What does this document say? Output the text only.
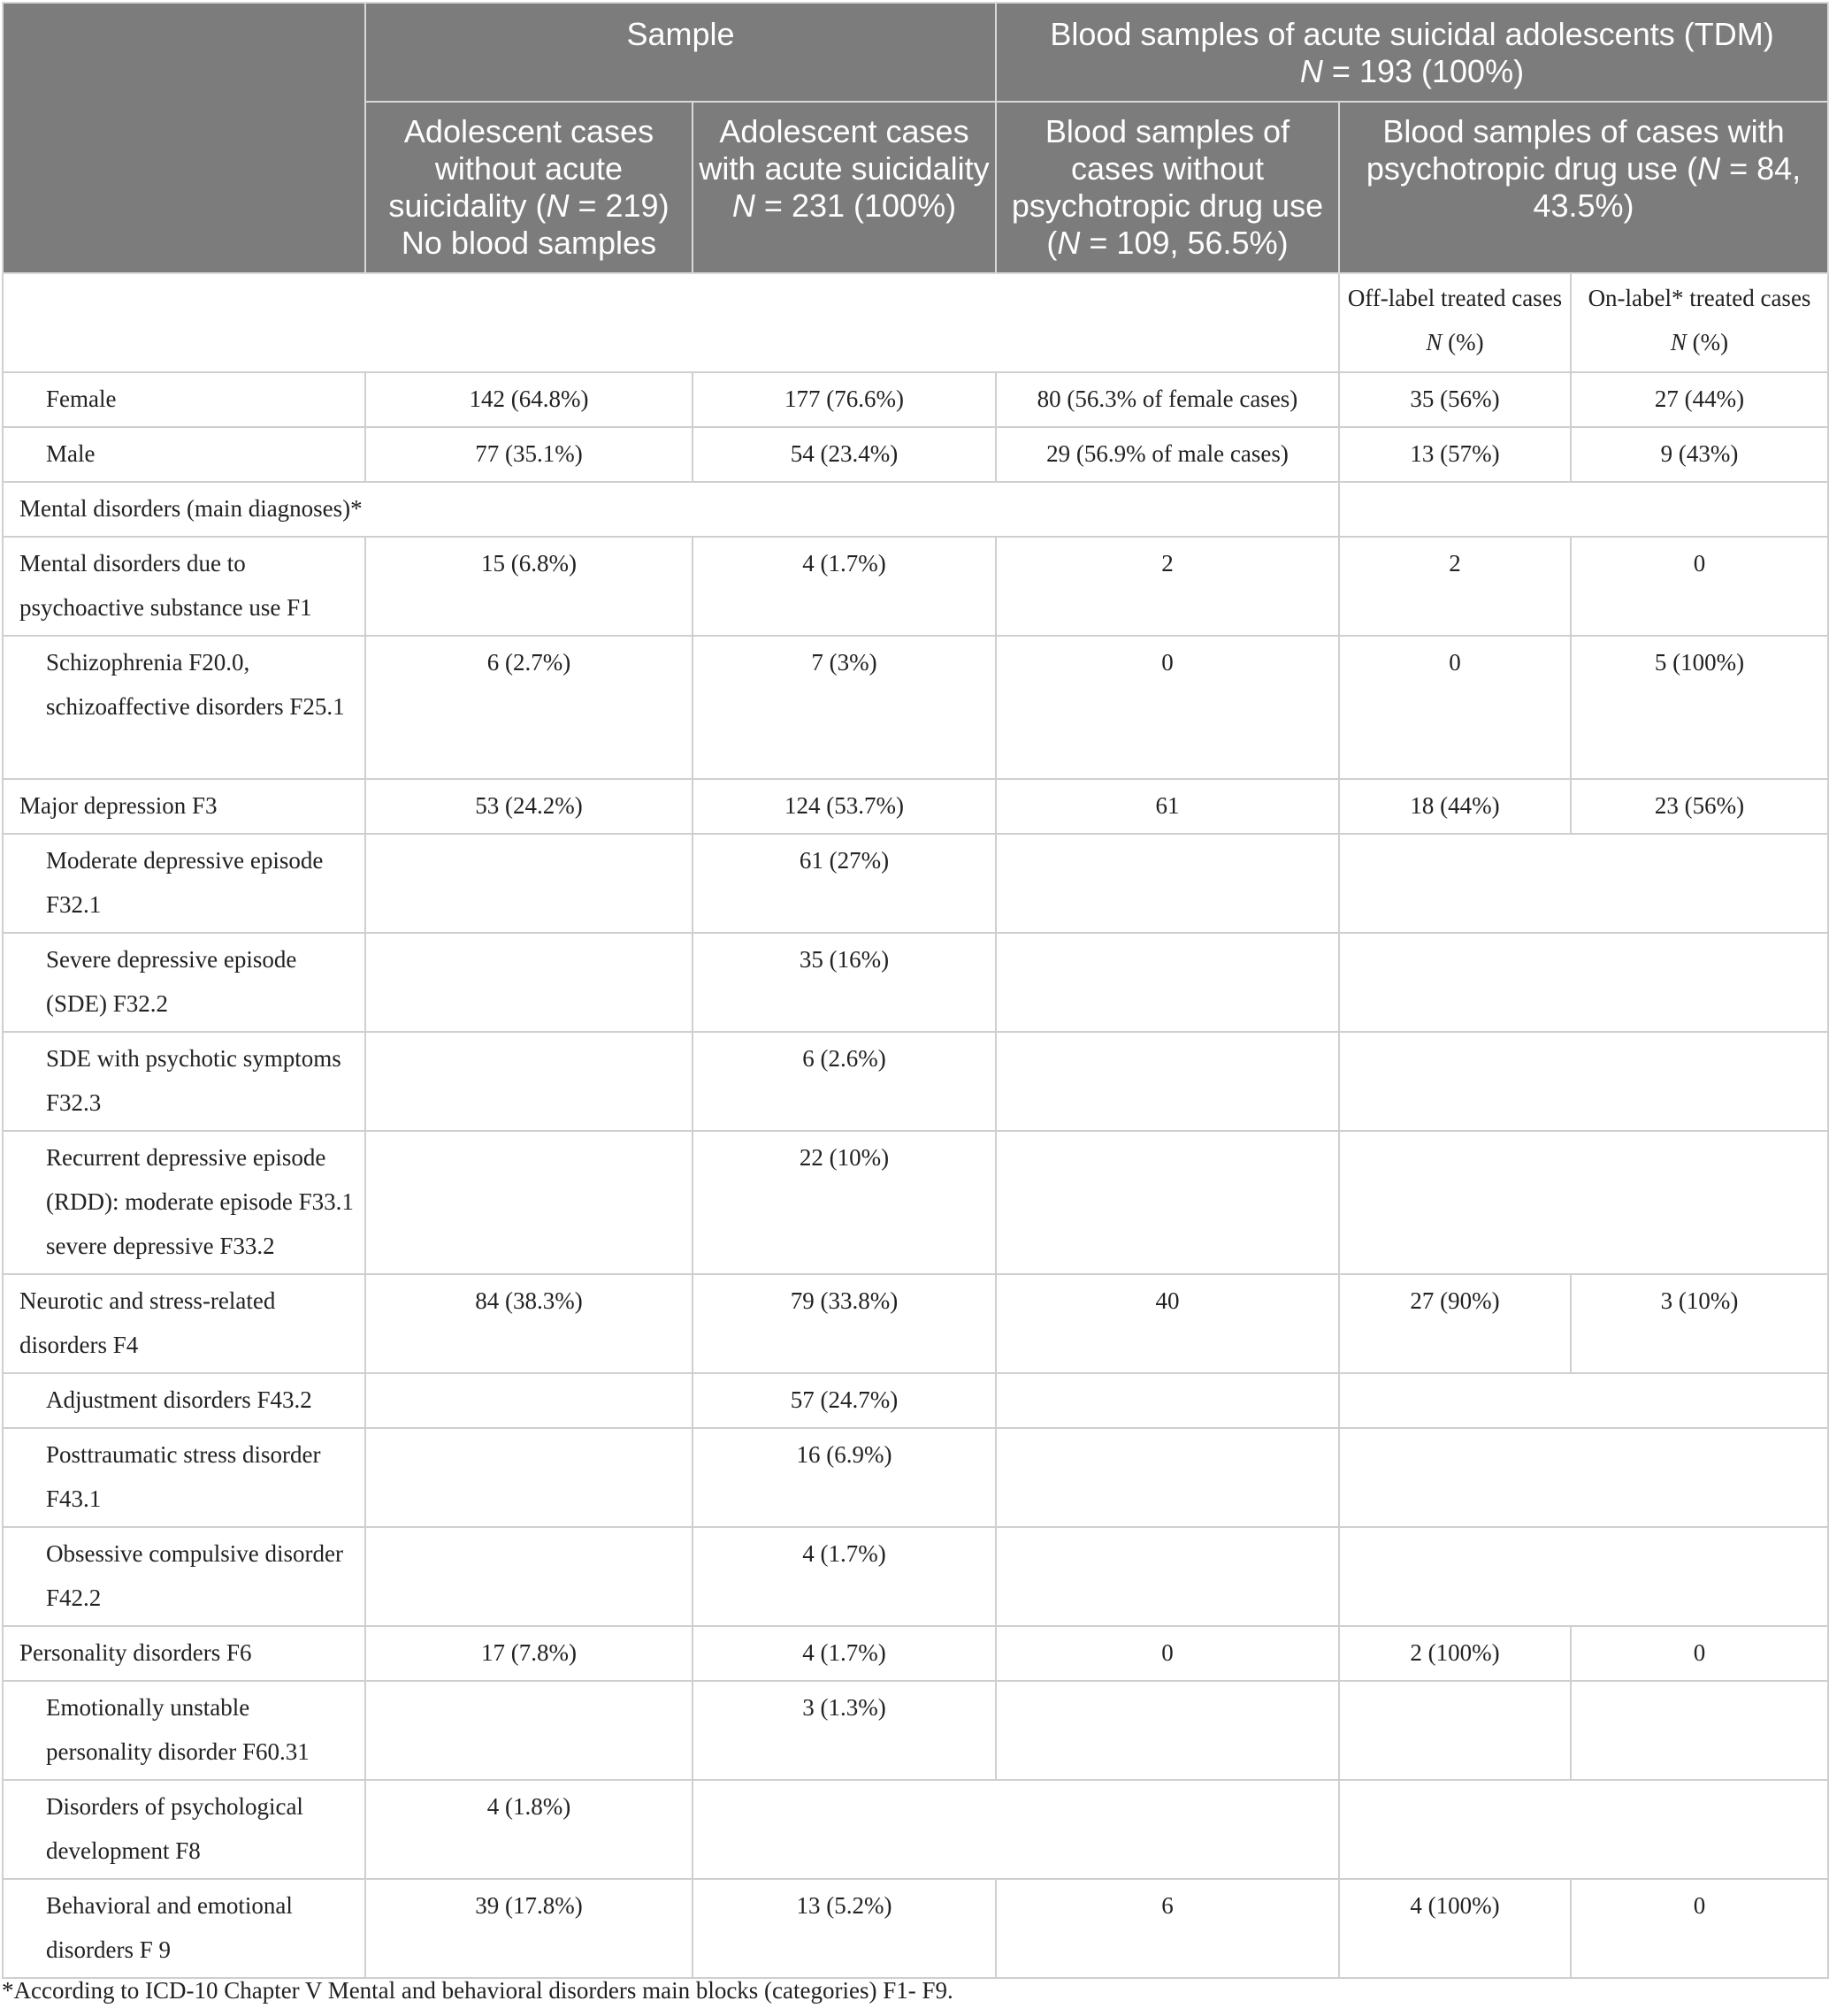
	Sample		Blood samples of acute suicidal adolescents (TDM)
N = 193 (100%)		
	Adolescent cases without acute suicidality (N = 219) No blood samples	Adolescent cases with acute suicidality N = 231 (100%)	Blood samples of cases without psychotropic drug use (N = 109, 56.5%)	Blood samples of cases with psychotropic drug use (N = 84, 43.5%)	
				Off-label treated cases N (%)	On-label* treated cases N (%)
Female	142 (64.8%)	177 (76.6%)	80 (56.3% of female cases)	35 (56%)	27 (44%)
Male	77 (35.1%)	54 (23.4%)	29 (56.9% of male cases)	13 (57%)	9 (43%)
Mental disorders (main diagnoses)*					
Mental disorders due to psychoactive substance use F1	15 (6.8%)	4 (1.7%)	2	2	0
Schizophrenia F20.0, schizoaffective disorders F25.1	6 (2.7%)	7 (3%)	0	0	5 (100%)
Major depression F3	53 (24.2%)	124 (53.7%)	61	18 (44%)	23 (56%)
Moderate depressive episode F32.1		61 (27%)			
Severe depressive episode (SDE) F32.2		35 (16%)			
SDE with psychotic symptoms F32.3		6 (2.6%)			
Recurrent depressive episode (RDD): moderate episode F33.1 severe depressive F33.2		22 (10%)			
Neurotic and stress-related disorders F4	84 (38.3%)	79 (33.8%)	40	27 (90%)	3 (10%)
Adjustment disorders F43.2		57 (24.7%)			
Posttraumatic stress disorder F43.1		16 (6.9%)			
Obsessive compulsive disorder F42.2		4 (1.7%)			
Personality disorders F6	17 (7.8%)	4 (1.7%)	0	2 (100%)	0
Emotionally unstable personality disorder F60.31		3 (1.3%)			
Disorders of psychological development F8	4 (1.8%)				
Behavioral and emotional disorders F 9	39 (17.8%)	13 (5.2%)	6	4 (100%)	0
*According to ICD-10 Chapter V Mental and behavioral disorders main blocks (categories) F1- F9.
